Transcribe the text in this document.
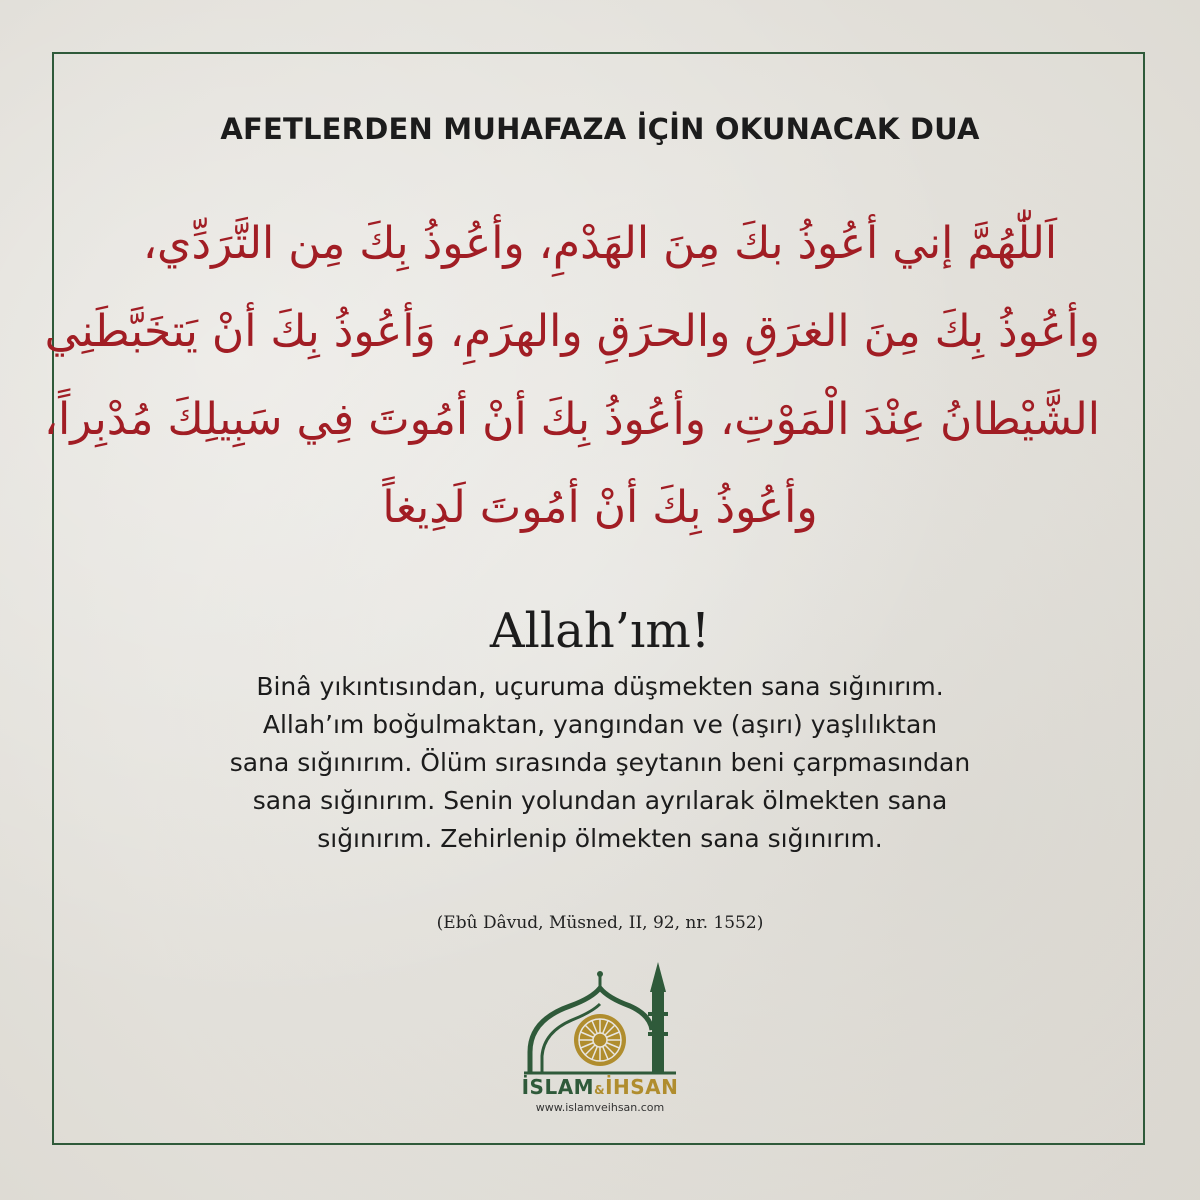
AFETLERDEN MUHAFAZA İÇİN OKUNACAK DUA
اَللّٰهُمَّ إني أعُوذُ بكَ مِنَ الهَدْمِ، وأعُوذُ بِكَ مِن التَّرَدِّي،
وأعُوذُ بِكَ مِنَ الغرَقِ والحرَقِ والهرَمِ، وَأعُوذُ بِكَ أنْ يَتخَبَّطَنِي
الشَّيْطانُ عِنْدَ الْمَوْتِ، وأعُوذُ بِكَ أنْ أمُوتَ فِي سَبِيلِكَ مُدْبِراً،
وأعُوذُ بِكَ أنْ أمُوتَ لَدِيغاً
Allah’ım!
Binâ yıkıntısından, uçuruma düşmekten sana sığınırım.
Allah’ım boğulmaktan, yangından ve (aşırı) yaşlılıktan
sana sığınırım. Ölüm sırasında şeytanın beni çarpmasından
sana sığınırım. Senin yolundan ayrılarak ölmekten sana
sığınırım. Zehirlenip ölmekten sana sığınırım.
(Ebû Dâvud, Müsned, II, 92, nr. 1552)
İSLAM&İHSAN
www.islamveihsan.com
